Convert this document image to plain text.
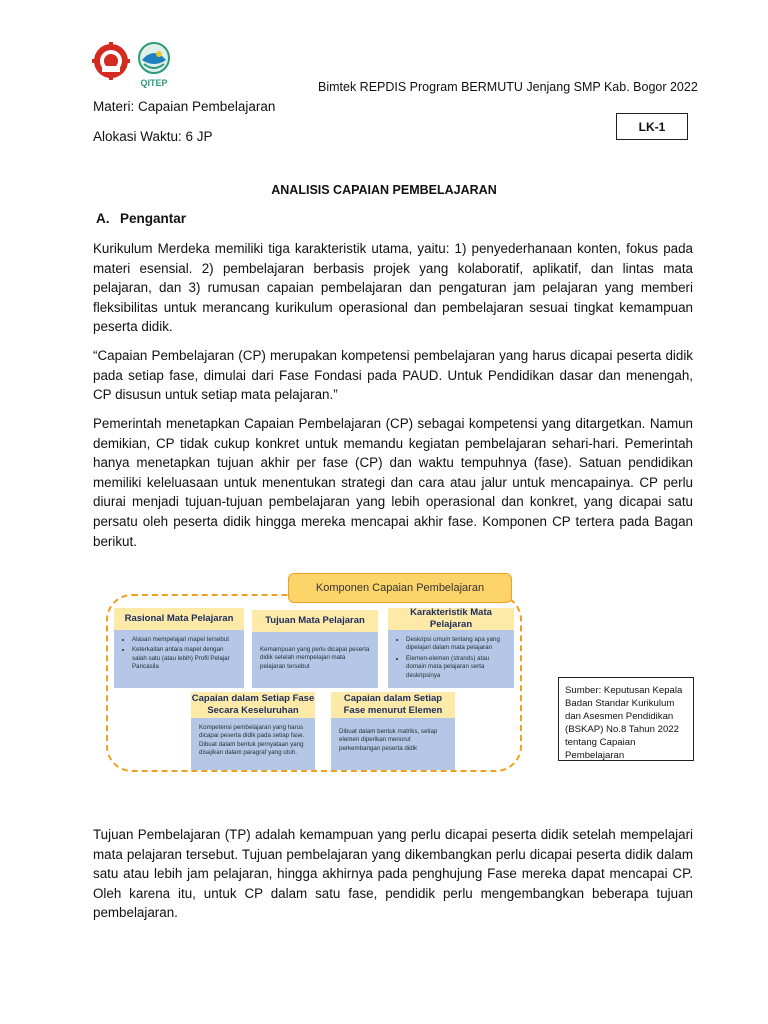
QITEP	Bimtek REPDIS Program BERMUTU Jenjang SMP Kab. Bogor 2022
Materi: Capaian Pembelajaran
Alokasi Waktu: 6 JP
LK-1
ANALISIS CAPAIAN PEMBELAJARAN
A. Pengantar

Kurikulum Merdeka memiliki tiga karakteristik utama, yaitu: 1) penyederhanaan konten, fokus pada materi esensial. 2) pembelajaran berbasis projek yang kolaboratif, aplikatif, dan lintas mata pelajaran, dan 3) rumusan capaian pembelajaran dan pengaturan jam pelajaran yang memberi fleksibilitas untuk merancang kurikulum operasional dan pembelajaran sesuai tingkat kemampuan peserta didik.

“Capaian Pembelajaran (CP) merupakan kompetensi pembelajaran yang harus dicapai peserta didik pada setiap fase, dimulai dari Fase Fondasi pada PAUD. Untuk Pendidikan dasar dan menengah, CP disusun untuk setiap mata pelajaran.”

Pemerintah menetapkan Capaian Pembelajaran (CP) sebagai kompetensi yang ditargetkan. Namun demikian, CP tidak cukup konkret untuk memandu kegiatan pembelajaran sehari-hari. Pemerintah hanya menetapkan tujuan akhir per fase (CP) dan waktu tempuhnya (fase). Satuan pendidikan memiliki keleluasaan untuk menentukan strategi dan cara atau jalur untuk mencapainya. CP perlu diurai menjadi tujuan-tujuan pembelajaran yang lebih operasional dan konkret, yang dicapai satu persatu oleh peserta didik hingga mereka mencapai akhir fase. Komponen CP tertera pada Bagan berikut.

Komponen Capaian Pembelajaran
Rasional Mata Pelajaran
• Alasan mempelajari mapel tersebut
• Keterkaitan antara mapel dengan salah satu (atau lebih) Profil Pelajar Pancasila
Tujuan Mata Pelajaran
Kemampuan yang perlu dicapai peserta didik setelah mempelajari mata pelajaran tersebut
Karakteristik Mata Pelajaran
• Deskripsi umum tentang apa yang dipelajari dalam mata pelajaran
• Elemen-elemen (strands) atau domain mata pelajaran serta deskripsinya
Capaian dalam Setiap Fase
Secara Keseluruhan
Kompetensi pembelajaran yang harus dicapai peserta didik pada setiap fase. Dibuat dalam bentuk pernyataan yang disajikan dalam paragraf yang utuh.
Capaian dalam Setiap
Fase menurut Elemen
Dibuat dalam bentuk matriks, setiap elemen diperikan menurut perkembangan peserta didik
Sumber: Keputusan Kepala Badan Standar Kurikulum dan Asesmen Pendidikan (BSKAP) No.8 Tahun 2022 tentang Capaian Pembelajaran

Tujuan Pembelajaran (TP) adalah kemampuan yang perlu dicapai peserta didik setelah mempelajari mata pelajaran tersebut. Tujuan pembelajaran yang dikembangkan perlu dicapai peserta didik dalam satu atau lebih jam pelajaran, hingga akhirnya pada penghujung Fase mereka dapat mencapai CP. Oleh karena itu, untuk CP dalam satu fase, pendidik perlu mengembangkan beberapa tujuan pembelajaran.
